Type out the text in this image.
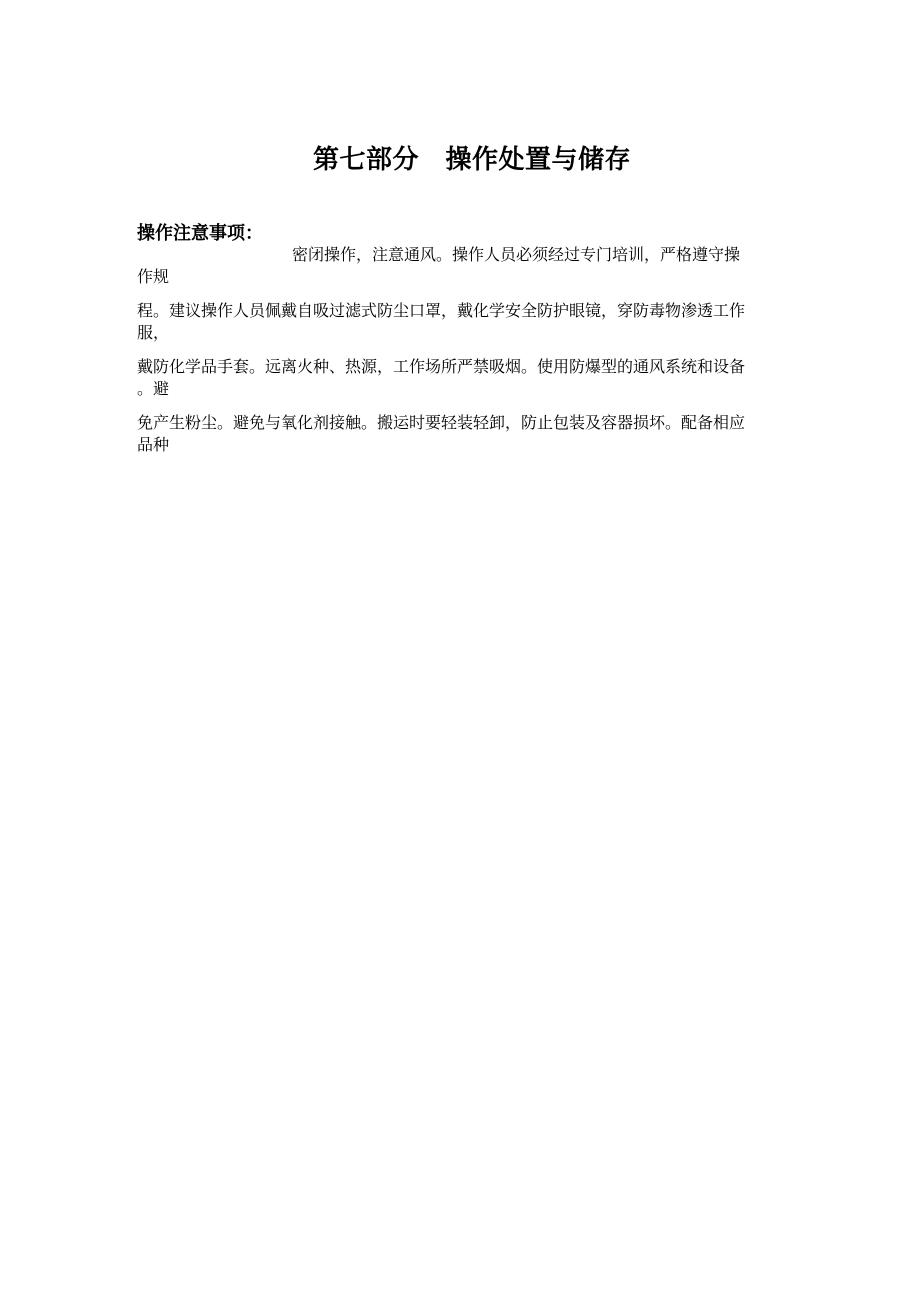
第七部分　操作处置与储存
操作注意事项：
密闭操作，注意通风。操作人员必须经过专门培训，严格遵守操
作规
程。建议操作人员佩戴自吸过滤式防尘口罩，戴化学安全防护眼镜，穿防毒物渗透工作
服，
戴防化学品手套。远离火种、热源，工作场所严禁吸烟。使用防爆型的通风系统和设备
。避
免产生粉尘。避免与氧化剂接触。搬运时要轻装轻卸，防止包装及容器损坏。配备相应
品种
